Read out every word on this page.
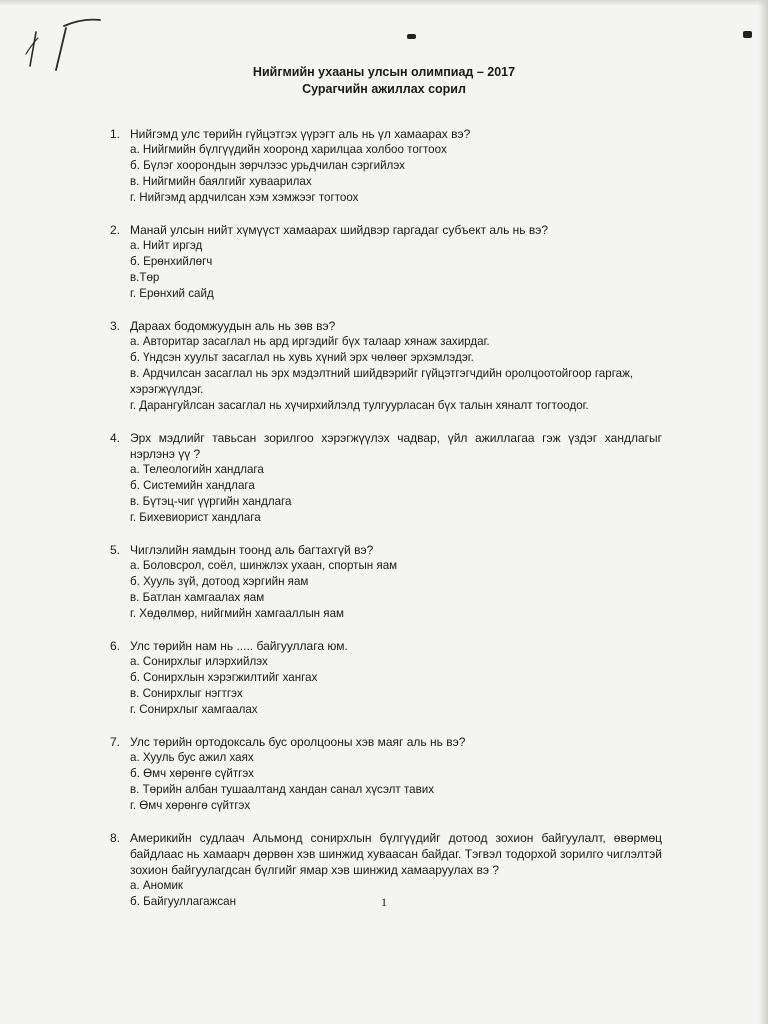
Нийгмийн ухааны улсын олимпиад – 2017

Сурагчийн ажиллах сорил

1. Нийгэмд улс төрийн гүйцэтгэх үүрэгт аль нь үл хамаарах вэ?
а. Нийгмийн бүлгүүдийн хооронд харилцаа холбоо тогтоох
б. Бүлэг хоорондын зөрчлээс урьдчилан сэргийлэх
в. Нийгмийн баялгийг хуваарилах
г. Нийгэмд ардчилсан хэм хэмжээг тогтоох
2. Манай улсын нийт хүмүүст хамаарах шийдвэр гаргадаг субъект аль нь вэ?
а. Нийт иргэд
б. Ерөнхийлөгч
в.Төр
г. Ерөнхий сайд
3. Дараах бодомжуудын аль нь зөв вэ?
а. Авторитар засаглал нь ард иргэдийг бүх талаар хянаж захирдаг.
б. Үндсэн хуульт засаглал нь хувь хүний эрх чөлөөг эрхэмлэдэг.
в. Ардчилсан засаглал нь эрх мэдэлтний шийдвэрийг гүйцэтгэгчдийн оролцоотойгоор гаргаж, хэрэгжүүлдэг.
г. Дарангуйлсан засаглал нь хүчирхийлэлд тулгуурласан бүх талын хяналт тогтоодог.
4. Эрх мэдлийг тавьсан зорилгоо хэрэгжүүлэх чадвар, үйл ажиллагаа гэж үздэг хандлагыг нэрлэнэ үү ?
а. Телеологийн хандлага
б. Системийн хандлага
в. Бүтэц-чиг үүргийн хандлага
г. Бихевиорист хандлага
5. Чиглэлийн яамдын тоонд аль багтахгүй вэ?
а. Боловсрол, соёл, шинжлэх ухаан, спортын яам
б. Хууль зүй, дотоод хэргийн яам
в. Батлан хамгаалах яам
г. Хөдөлмөр, нийгмийн хамгааллын яам
6. Улс төрийн нам нь ..... байгууллага юм.
а. Сонирхлыг илэрхийлэх
б. Сонирхлын хэрэгжилтийг хангах
в. Сонирхлыг нэгтгэх
г. Сонирхлыг хамгаалах
7. Улс төрийн ортодоксаль бус оролцооны хэв маяг аль нь вэ?
а. Хууль бус ажил хаях
б. Өмч хөрөнгө сүйтгэх
в. Төрийн албан тушаалтанд хандан санал хүсэлт тавих
г. Өмч хөрөнгө сүйтгэх
8. Америкийн судлаач Альмонд сонирхлын бүлгүүдийг дотоод зохион байгуулалт, өвөрмөц байдлаас нь хамаарч дөрвөн хэв шинжид хуваасан байдаг. Тэгвэл тодорхой зорилго чиглэлтэй зохион байгуулагдсан бүлгийг ямар хэв шинжид хамааруулах вэ ?
а. Аномик
б. Байгууллагажсан	1
